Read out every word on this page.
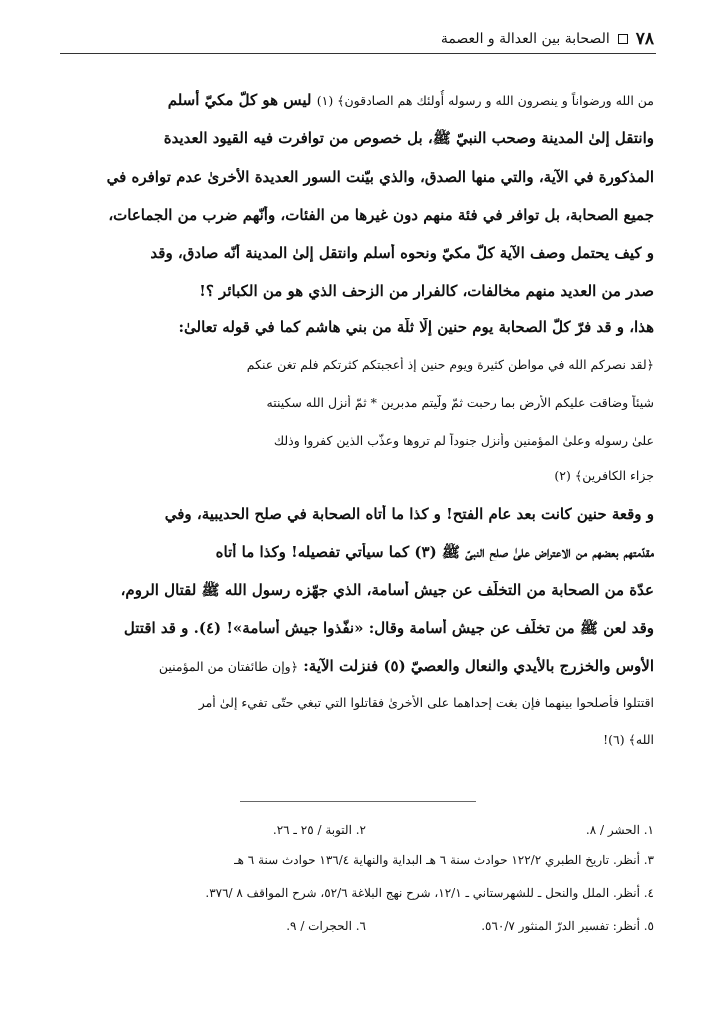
٧٨
الصحابة بين العدالة و العصمة
من الله ورضواناً و ينصرون الله و رسوله أُولئك هم الصادقون﴾ (١) ليس هو كلّ مكيّ أسلم
وانتقل إلىٰ المدينة وصحب النبيّ ﷺ، بل خصوص من توافرت فيه القيود العديدة
المذكورة في الآية، والتي منها الصدق، والذي بيّنت السور العديدة الأُخرىٰ عدم توافره في
جميع الصحابة، بل توافر في فئة منهم دون غيرها من الفئات، وأنّهم ضرب من الجماعات،
و كيف يحتمل وصف الآية كلّ مكيّ ونحوه أسلم وانتقل إلىٰ المدينة أنّه صادق، وقد
صدر من العديد منهم مخالفات، كالفرار من الزحف الذي هو من الكبائر ؟!
هذا، و قد فرّ كلّ الصحابة يوم حنين إلّا ثلّة من بني هاشم كما في قوله تعالىٰ:
﴿لقد نصركم الله في مواطن كثيرة ويوم حنين إذ أعجبتكم كثرتكم فلم تغن عنكم
شيئاً وضاقت عليكم الأرض بما رحبت ثمّ ولّيتم مدبرين * ثمّ أنزل الله سكينته
علىٰ رسوله وعلىٰ المؤمنين وأنزل جنوداً لم تروها وعذّب الذين كفروا وذلك
جزاء الكافرين﴾ (٢)
و وقعة حنين كانت بعد عام الفتح! و كذا ما أتاه الصحابة في صلح الحديبية، وفي
مقدّمتهم بعضهم من الاعتراض علىٰ صلح النبيّ ﷺ (٣) كما سيأتي تفصيله! وكذا ما أتاه
عدّة من الصحابة من التخلّف عن جيش أُسامة، الذي جهّزه رسول الله ﷺ لقتال الروم،
وقد لعن ﷺ من تخلّف عن جيش أُسامة وقال: «نفّذوا جيش أُسامة»! (٤). و قد اقتتل
الأوس والخزرج بالأيدي والنعال والعصيّ (٥) فنزلت الآية: ﴿وإن طائفتان من المؤمنين
اقتتلوا فأصلحوا بينهما فإن بغت إحداهما على الأُخرىٰ فقاتلوا التي تبغي حتّى تفيء إلىٰ أمر
الله﴾ (٦)!
١. الحشر / ٨.
٢. التوبة / ٢٥ ـ ٢٦.
٣. أنظر. تاريخ الطبري ١٢٢/٢ حوادث سنة ٦ هـ البداية والنهاية ١٣٦/٤ حوادث سنة ٦ هـ
٤. أنظر. الملل والنحل ـ للشهرستاني ـ ١٢/١، شرح نهج البلاغة ٥٢/٦، شرح المواقف ٨ /٣٧٦.
٥. أنظر: تفسير الدرّ المنثور ٥٦٠/٧.
٦. الحجرات / ٩.
